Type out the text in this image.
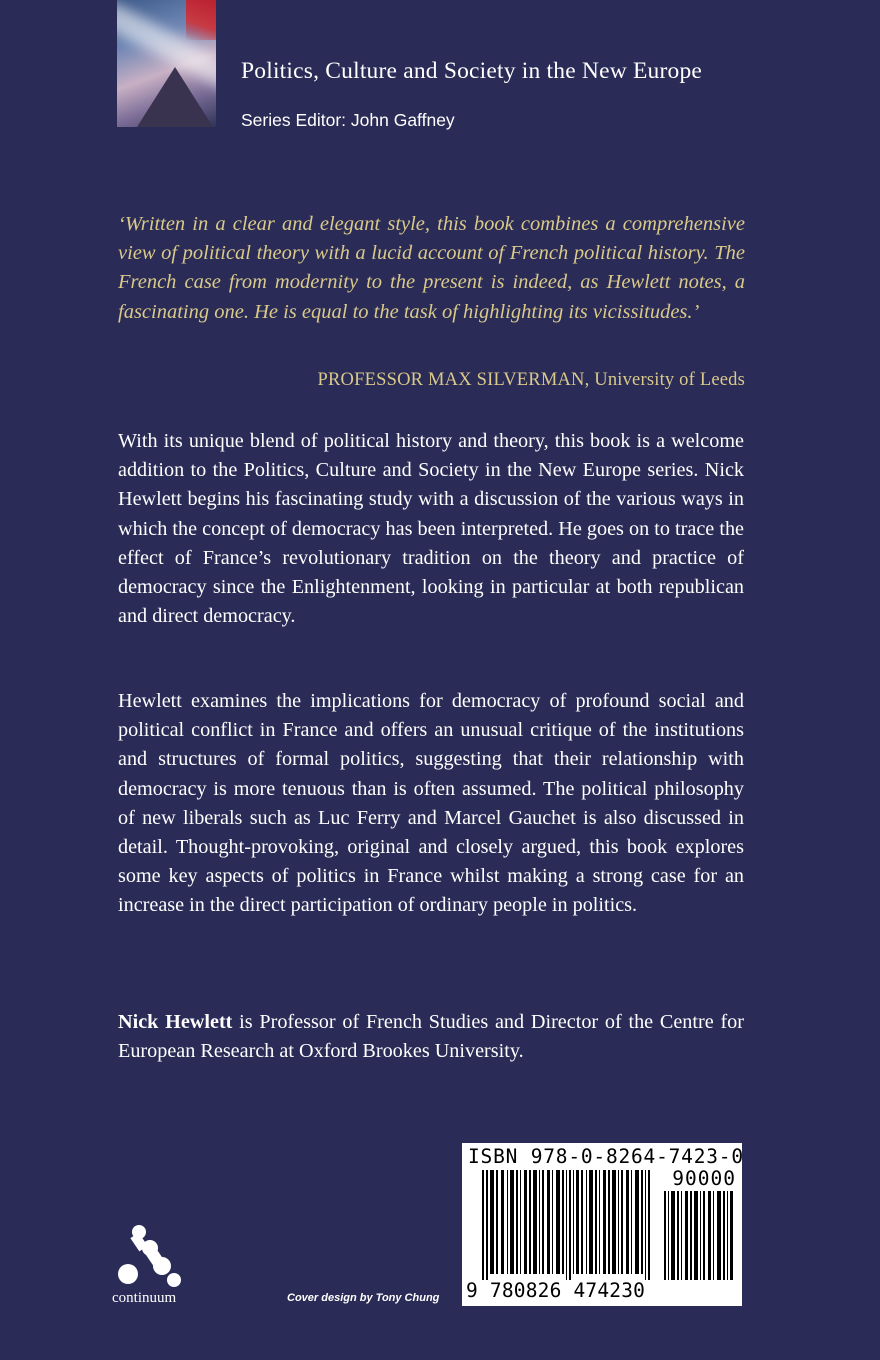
Politics, Culture and Society in the New Europe
Series Editor: John Gaffney

‘Written in a clear and elegant style, this book combines a comprehensive view of political theory with a lucid account of French political history. The French case from modernity to the present is indeed, as Hewlett notes, a fascinating one. He is equal to the task of highlighting its vicissitudes.’

PROFESSOR MAX SILVERMAN, University of Leeds

With its unique blend of political history and theory, this book is a welcome addition to the Politics, Culture and Society in the New Europe series. Nick Hewlett begins his fascinating study with a discussion of the various ways in which the concept of democracy has been interpreted. He goes on to trace the effect of France’s revolutionary tradition on the theory and practice of democracy since the Enlightenment, looking in particular at both republican and direct democracy.

Hewlett examines the implications for democracy of profound social and political conflict in France and offers an unusual critique of the institutions and structures of formal politics, suggesting that their relationship with democracy is more tenuous than is often assumed. The political philosophy of new liberals such as Luc Ferry and Marcel Gauchet is also discussed in detail. Thought-provoking, original and closely argued, this book explores some key aspects of politics in France whilst making a strong case for an increase in the direct participation of ordinary people in politics.

Nick Hewlett is Professor of French Studies and Director of the Centre for European Research at Oxford Brookes University.

ISBN 978-0-8264-7423-0
90000
9 780826 474230
continuum	Cover design by Tony Chung
